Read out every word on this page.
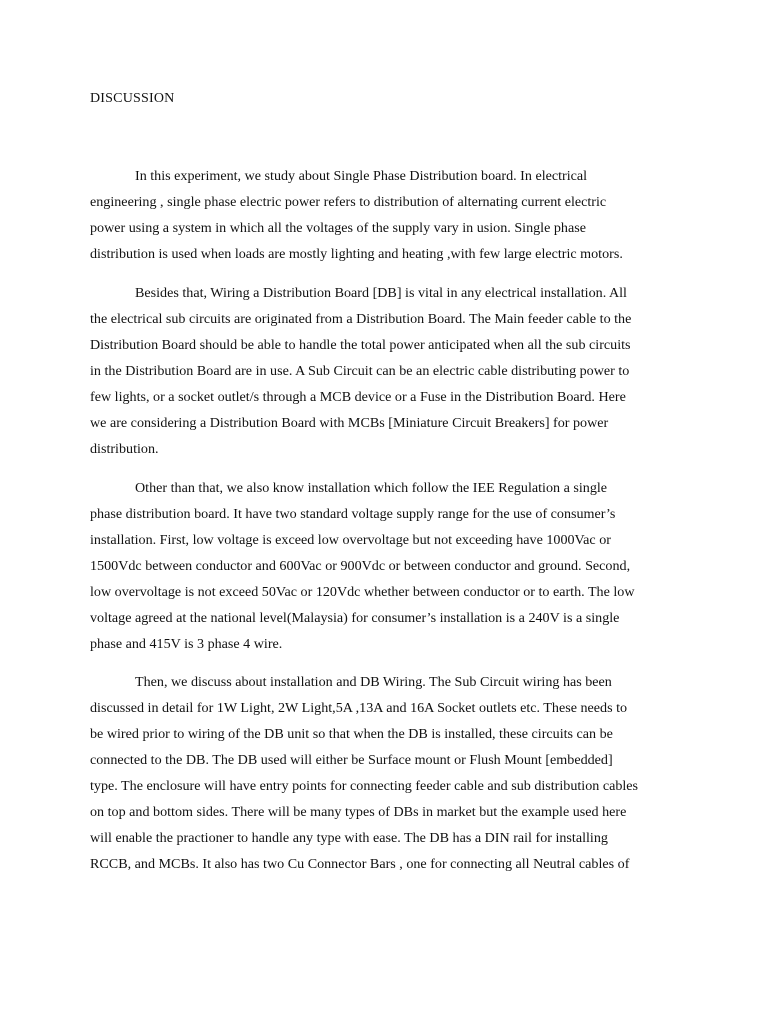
DISCUSSION

In this experiment, we study about Single Phase Distribution board. In electrical
engineering , single phase electric power refers to distribution of alternating current electric
power using a system in which all the voltages of the supply vary in usion. Single phase
distribution is used when loads are mostly lighting and heating ,with few large electric motors.

Besides that, Wiring a Distribution Board [DB] is vital in any electrical installation. All
the electrical sub circuits are originated from a Distribution Board. The Main feeder cable to the
Distribution Board should be able to handle the total power anticipated when all the sub circuits
in the Distribution Board are in use. A Sub Circuit can be an electric cable distributing power to
few lights, or a socket outlet/s through a MCB device or a Fuse in the Distribution Board. Here
we are considering a Distribution Board with MCBs [Miniature Circuit Breakers] for power
distribution.

Other than that, we also know installation which follow the IEE Regulation a single
phase distribution board. It have two standard voltage supply range for the use of consumer’s
installation. First, low voltage is exceed low overvoltage but not exceeding have 1000Vac or
1500Vdc between conductor and 600Vac or 900Vdc or between conductor and ground. Second,
low overvoltage is not exceed 50Vac or 120Vdc whether between conductor or to earth. The low
voltage agreed at the national level(Malaysia) for consumer’s installation is a 240V is a single
phase and 415V is 3 phase 4 wire.

Then, we discuss about installation and DB Wiring. The Sub Circuit wiring has been
discussed in detail for 1W Light, 2W Light,5A ,13A and 16A Socket outlets etc. These needs to
be wired prior to wiring of the DB unit so that when the DB is installed, these circuits can be
connected to the DB. The DB used will either be Surface mount or Flush Mount [embedded]
type. The enclosure will have entry points for connecting feeder cable and sub distribution cables
on top and bottom sides. There will be many types of DBs in market but the example used here
will enable the practioner to handle any type with ease. The DB has a DIN rail for installing
RCCB, and MCBs. It also has two Cu Connector Bars , one for connecting all Neutral cables of
